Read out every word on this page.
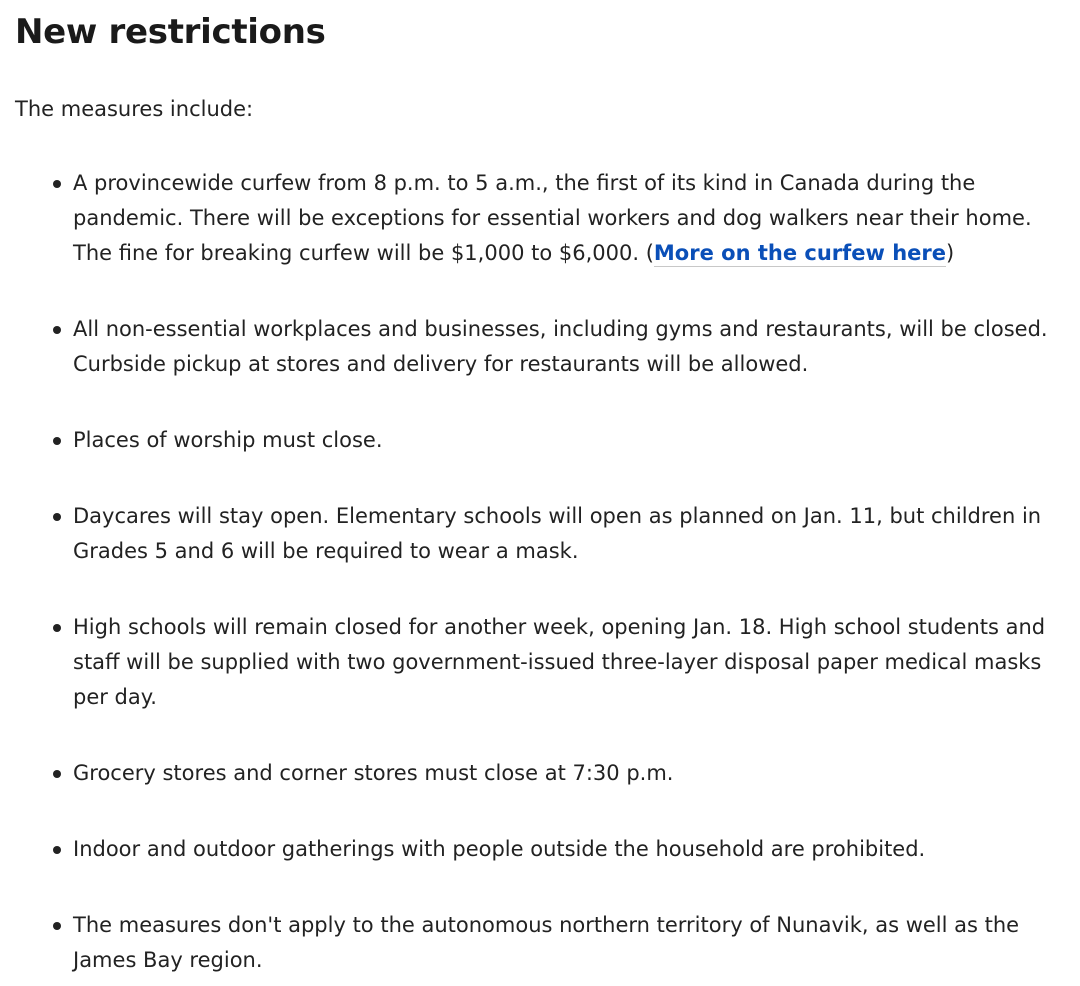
New restrictions

The measures include:

A provincewide curfew from 8 p.m. to 5 a.m., the first of its kind in Canada during the pandemic. There will be exceptions for essential workers and dog walkers near their home. The fine for breaking curfew will be $1,000 to $6,000. (More on the curfew here)
All non-essential workplaces and businesses, including gyms and restaurants, will be closed. Curbside pickup at stores and delivery for restaurants will be allowed.
Places of worship must close.
Daycares will stay open. Elementary schools will open as planned on Jan. 11, but children in Grades 5 and 6 will be required to wear a mask.
High schools will remain closed for another week, opening Jan. 18. High school students and staff will be supplied with two government-issued three-layer disposal paper medical masks per day.
Grocery stores and corner stores must close at 7:30 p.m.
Indoor and outdoor gatherings with people outside the household are prohibited.
The measures don't apply to the autonomous northern territory of Nunavik, as well as the James Bay region.
